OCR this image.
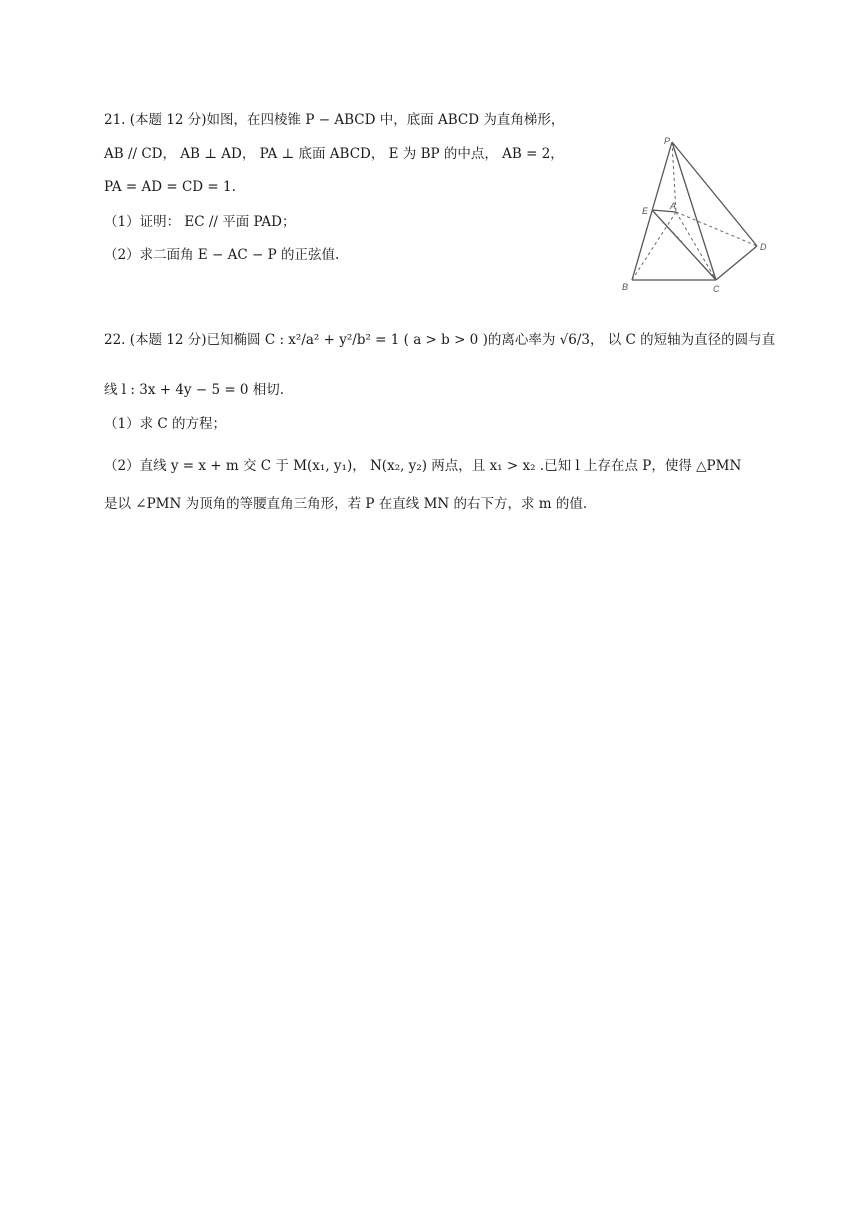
21. (本题 12 分)如图，在四棱锥 P − ABCD 中，底面 ABCD 为直角梯形，
AB // CD， AB ⊥ AD， PA ⊥ 底面 ABCD， E 为 BP 的中点， AB = 2，
PA = AD = CD = 1.
（1）证明： EC // 平面 PAD；
（2）求二面角 E − AC − P 的正弦值.
P
E A
D
B	C
22. (本题 12 分)已知椭圆 C : x²/a² + y²/b² = 1 ( a > b > 0 )的离心率为 √6/3， 以 C 的短轴为直径的圆与直
线 l : 3x + 4y − 5 = 0 相切.
（1）求 C 的方程；
（2）直线 y = x + m 交 C 于 M(x₁, y₁)， N(x₂, y₂) 两点，且 x₁ > x₂ .已知 l 上存在点 P，使得 △PMN
是以 ∠PMN 为顶角的等腰直角三角形，若 P 在直线 MN 的右下方，求 m 的值.
